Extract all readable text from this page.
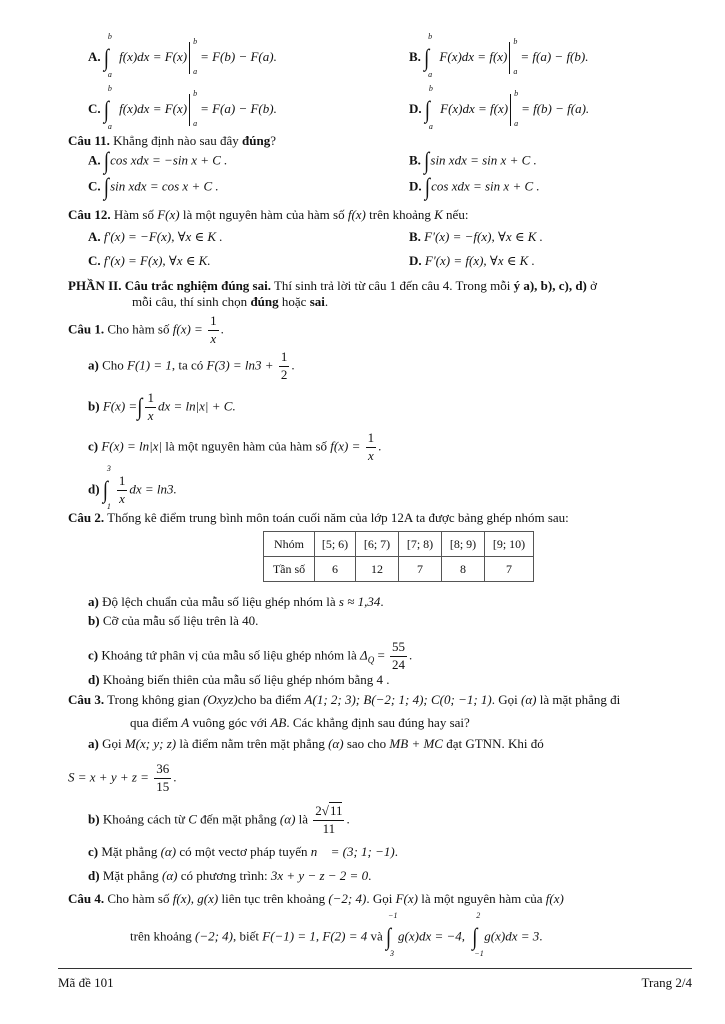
A.
b
∫
a
f(x)dx = F(x)
b
a
= F(b) − F(a).	B.
b
∫
a
F(x)dx = f(x)
b
a
= f(a) − f(b).
C.
b
∫
a
f(x)dx = F(x)
b
a
= F(a) − F(b).	D.
b
∫
a
F(x)dx = f(x)
b
a
= f(b) − f(a).
Câu 11. Khẳng định nào sau đây đúng?
A. ∫cos xdx = −sin x + C .	B. ∫sin xdx = sin x + C .
C. ∫sin xdx = cos x + C .	D. ∫cos xdx = sin x + C .
Câu 12. Hàm số F(x) là một nguyên hàm của hàm số f(x) trên khoảng K nếu:
A. f′(x) = −F(x), ∀x ∈ K .	B. F′(x) = −f(x), ∀x ∈ K .
C. f′(x) = F(x), ∀x ∈ K.	D. F′(x) = f(x), ∀x ∈ K .
PHẦN II. Câu trắc nghiệm đúng sai. Thí sinh trả lời từ câu 1 đến câu 4. Trong mỗi ý a), b), c), d) ở
mỗi câu, thí sinh chọn đúng hoặc sai.
Câu 1. Cho hàm số $f(x) = \frac{1}{x}$ .
a) Cho F(1) = 1, ta có $F(3) = \ln 3 + \frac{1}{2}$ .
b) F(x) =∫ $\frac{1}{x}$ dx = ln|x| + C.
c) F(x) = ln|x| là một nguyên hàm của hàm số $f(x) = \frac{1}{x}$ .
d)
3
∫
$1 \frac{1}{x}$ dx = ln3.
Câu 2. Thống kê điểm trung bình môn toán cuối năm của lớp 12A ta được bảng ghép nhóm sau:
Nhóm	[5; 6)	[6; 7)	[7; 8)	[8; 9)	[9; 10)
Tần số	6	12	7	8	7
a) Độ lệch chuẩn của mẫu số liệu ghép nhóm là s ≈ 1,34.
b) Cỡ của mẫu số liệu trên là 40.
c) Khoảng tứ phân vị của mẫu số liệu ghép nhóm là $\Delta_Q = \frac{55}{24}$ .
d) Khoảng biến thiên của mẫu số liệu ghép nhóm bằng 4 .
Câu 3. Trong không gian (Oxyz)cho ba điểm A(1; 2; 3); B(−2; 1; 4); C(0; −1; 1). Gọi (α) là mặt phẳng đi
qua điểm A vuông góc với AB. Các khẳng định sau đúng hay sai?
a) Gọi M(x; y; z) là điểm nằm trên mặt phẳng (α) sao cho MB + MC đạt GTNN. Khi đó
$S = x + y + z = \frac{36}{15}$ .
b) Khoảng cách từ C đến mặt phẳng (α) là $\frac{2√11}{11}$ .
c) Mặt phẳng (α) có một vectơ pháp tuyến n⃗ = (3; 1; −1).
d) Mặt phẳng (α) có phương trình: 3x + y − z − 2 = 0.
Câu 4. Cho hàm số f(x), g(x) liên tục trên khoảng (−2; 4). Gọi F(x) là một nguyên hàm của f(x)
trên khoảng (−2; 4), biết F(−1) = 1, F(2) = 4 và
−1
∫
3
g(x)dx = −4,
2
∫
−1
g(x)dx = 3.
Mã đề 101	Trang 2/4
